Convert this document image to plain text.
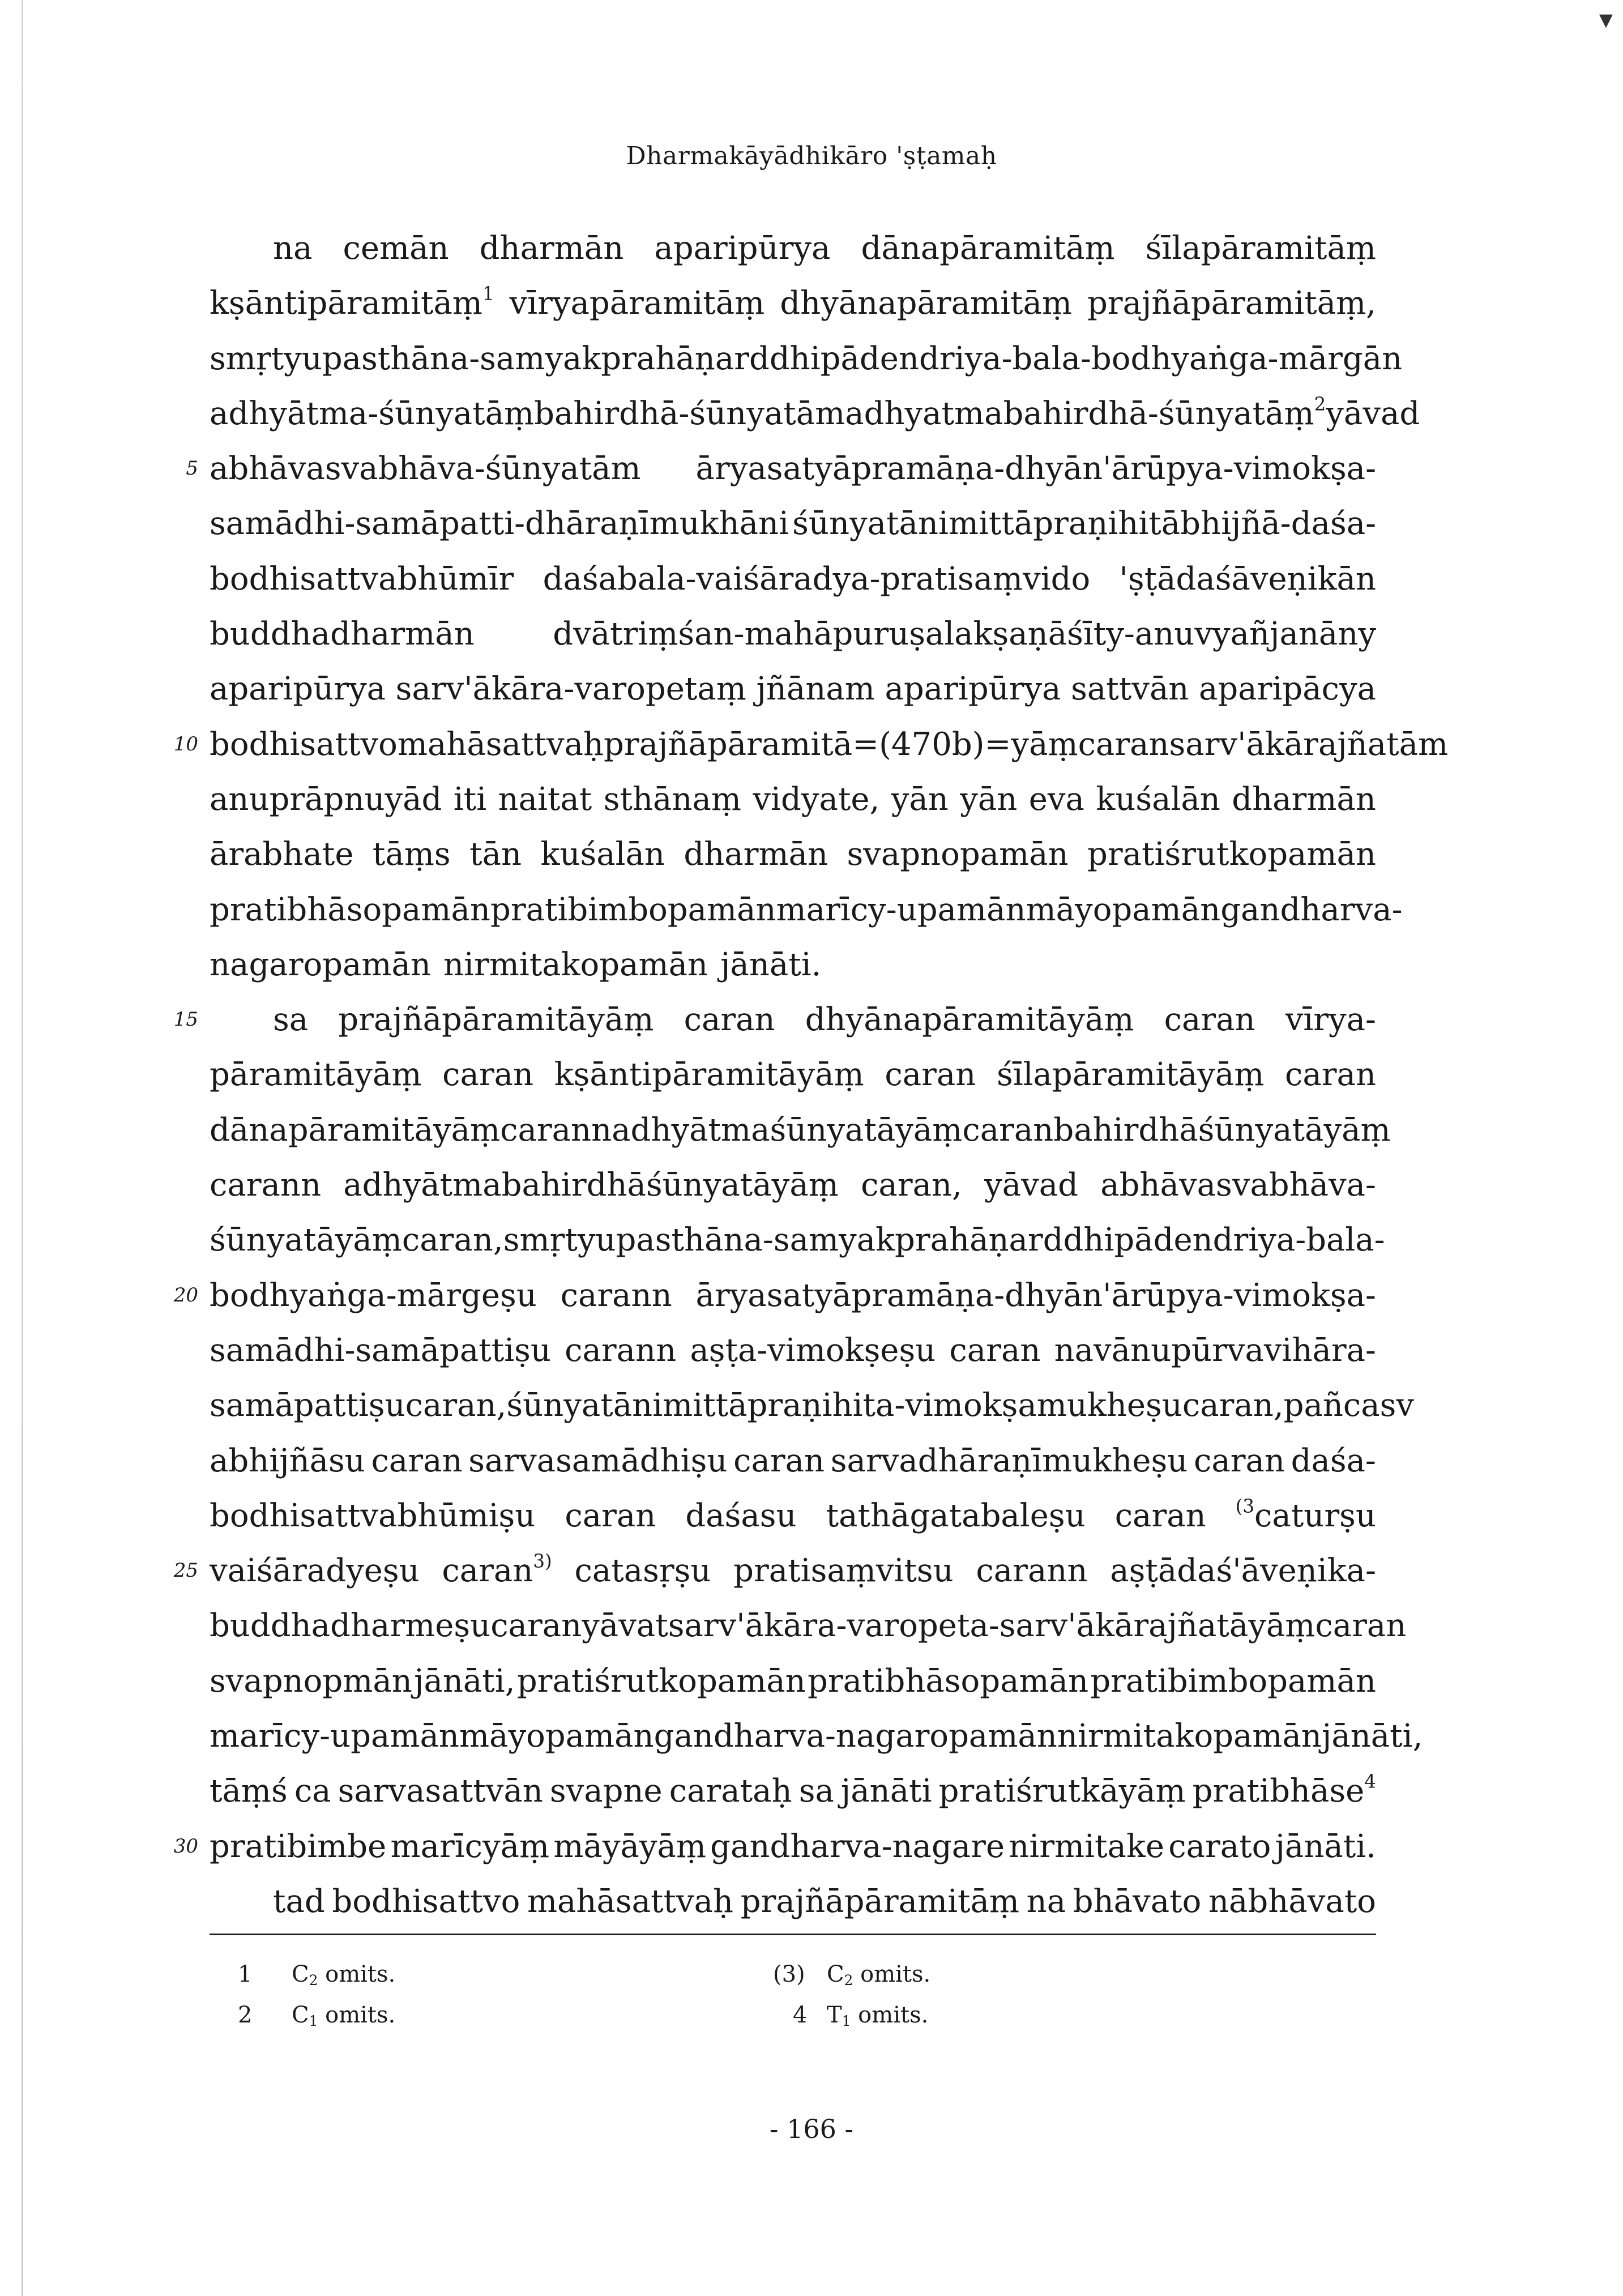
▾
Dharmakāyādhikāro 'ṣṭamaḥ
na cemān dharmān aparipūrya dānapāramitāṃ śīlapāramitāṃ
kṣāntipāramitāṃ$^1$ vīryapāramitāṃ dhyānapāramitāṃ prajñāpāramitāṃ,
smṛtyupasthāna- samyakprahāṇarddhipādendriya- bala- bodhyaṅga- mārgān
adhyātma-śūnyatāṃ bahirdhā-śūnyatām adhyatmabahirdhā-śūnyatāṃ$^2$ yāvad
5 abhāvasvabhāva-śūnyatām āryasatyāpramāṇa-dhyān'ārūpya-vimokṣa-
samādhi-samāpatti-dhāraṇīmukhāni śūnyatānimittāpraṇihitābhijñā-daśa-
bodhisattvabhūmīr daśabala-vaiśāradya-pratisaṃvido 'ṣṭādaśāveṇikān
buddhadharmān dvātriṃśan-mahāpuruṣalakṣaṇāśīty-anuvyañjanāny
aparipūrya sarv'ākāra-varopetaṃ jñānam aparipūrya sattvān aparipācya
10 bodhisattvo mahāsattvaḥ prajñāpāramitā=(470b)=yāṃ caran sarv'ākārajñatām
anuprāpnuyād iti naitat sthānaṃ vidyate, yān yān eva kuśalān dharmān
ārabhate tāṃs tān kuśalān dharmān svapnopamān pratiśrutkopamān
pratibhāsopamān pratibimbopamān marīcy-upamān māyopamān gandharva-
nagaropamān nirmitakopamān jānāti.
15 sa prajñāpāramitāyāṃ caran dhyānapāramitāyāṃ caran vīrya-
pāramitāyāṃ caran kṣāntipāramitāyāṃ caran śīlapāramitāyāṃ caran
dānapāramitāyāṃ carann adhyātmaśūnyatāyāṃ caran bahirdhāśūnyatāyāṃ
carann adhyātmabahirdhāśūnyatāyāṃ caran, yāvad abhāvasvabhāva-
śūnyatāyāṃ caran, smṛtyupasthāna-samyakprahāṇarddhipādendriya-bala-
20 bodhyaṅga-mārgeṣu carann āryasatyāpramāṇa-dhyān'ārūpya-vimokṣa-
samādhi-samāpattiṣu carann aṣṭa-vimokṣeṣu caran navānupūrvavihāra-
samāpattiṣu caran, śūnyatānimittāpraṇihita-vimokṣamukheṣu caran, pañcasv
abhijñāsu caran sarvasamādhiṣu caran sarvadhāraṇīmukheṣu caran daśa-
bodhisattvabhūmiṣu caran daśasu tathāgatabaleṣu caran $^{(3}$caturṣu
25 vaiśāradyeṣu caran$^{3)}$ catasṛṣu pratisaṃvitsu carann aṣṭādaś'āveṇika-
buddhadharmeṣu caran yāvat sarv'ākāra-varopeta-sarv'ākārajñatāyāṃ caran
svapnopmān jānāti, pratiśrutkopamān pratibhāsopamān pratibimbopamān
marīcy-upamān māyopamān gandharva-nagaropamān nirmitakopamān jānāti,
tāṃś ca sarvasattvān svapne carataḥ sa jānāti pratiśrutkāyāṃ pratibhāse$^4$
30 pratibimbe marīcyāṃ māyāyāṃ gandharva-nagare nirmitake carato jānāti.
tad bodhisattvo mahāsattvaḥ prajñāpāramitāṃ na bhāvato nābhāvato
1 $C_2$ omits.	(3) $C_2$ omits.
2 $C_1$ omits.	4 $T_1$ omits.
- 166 -
